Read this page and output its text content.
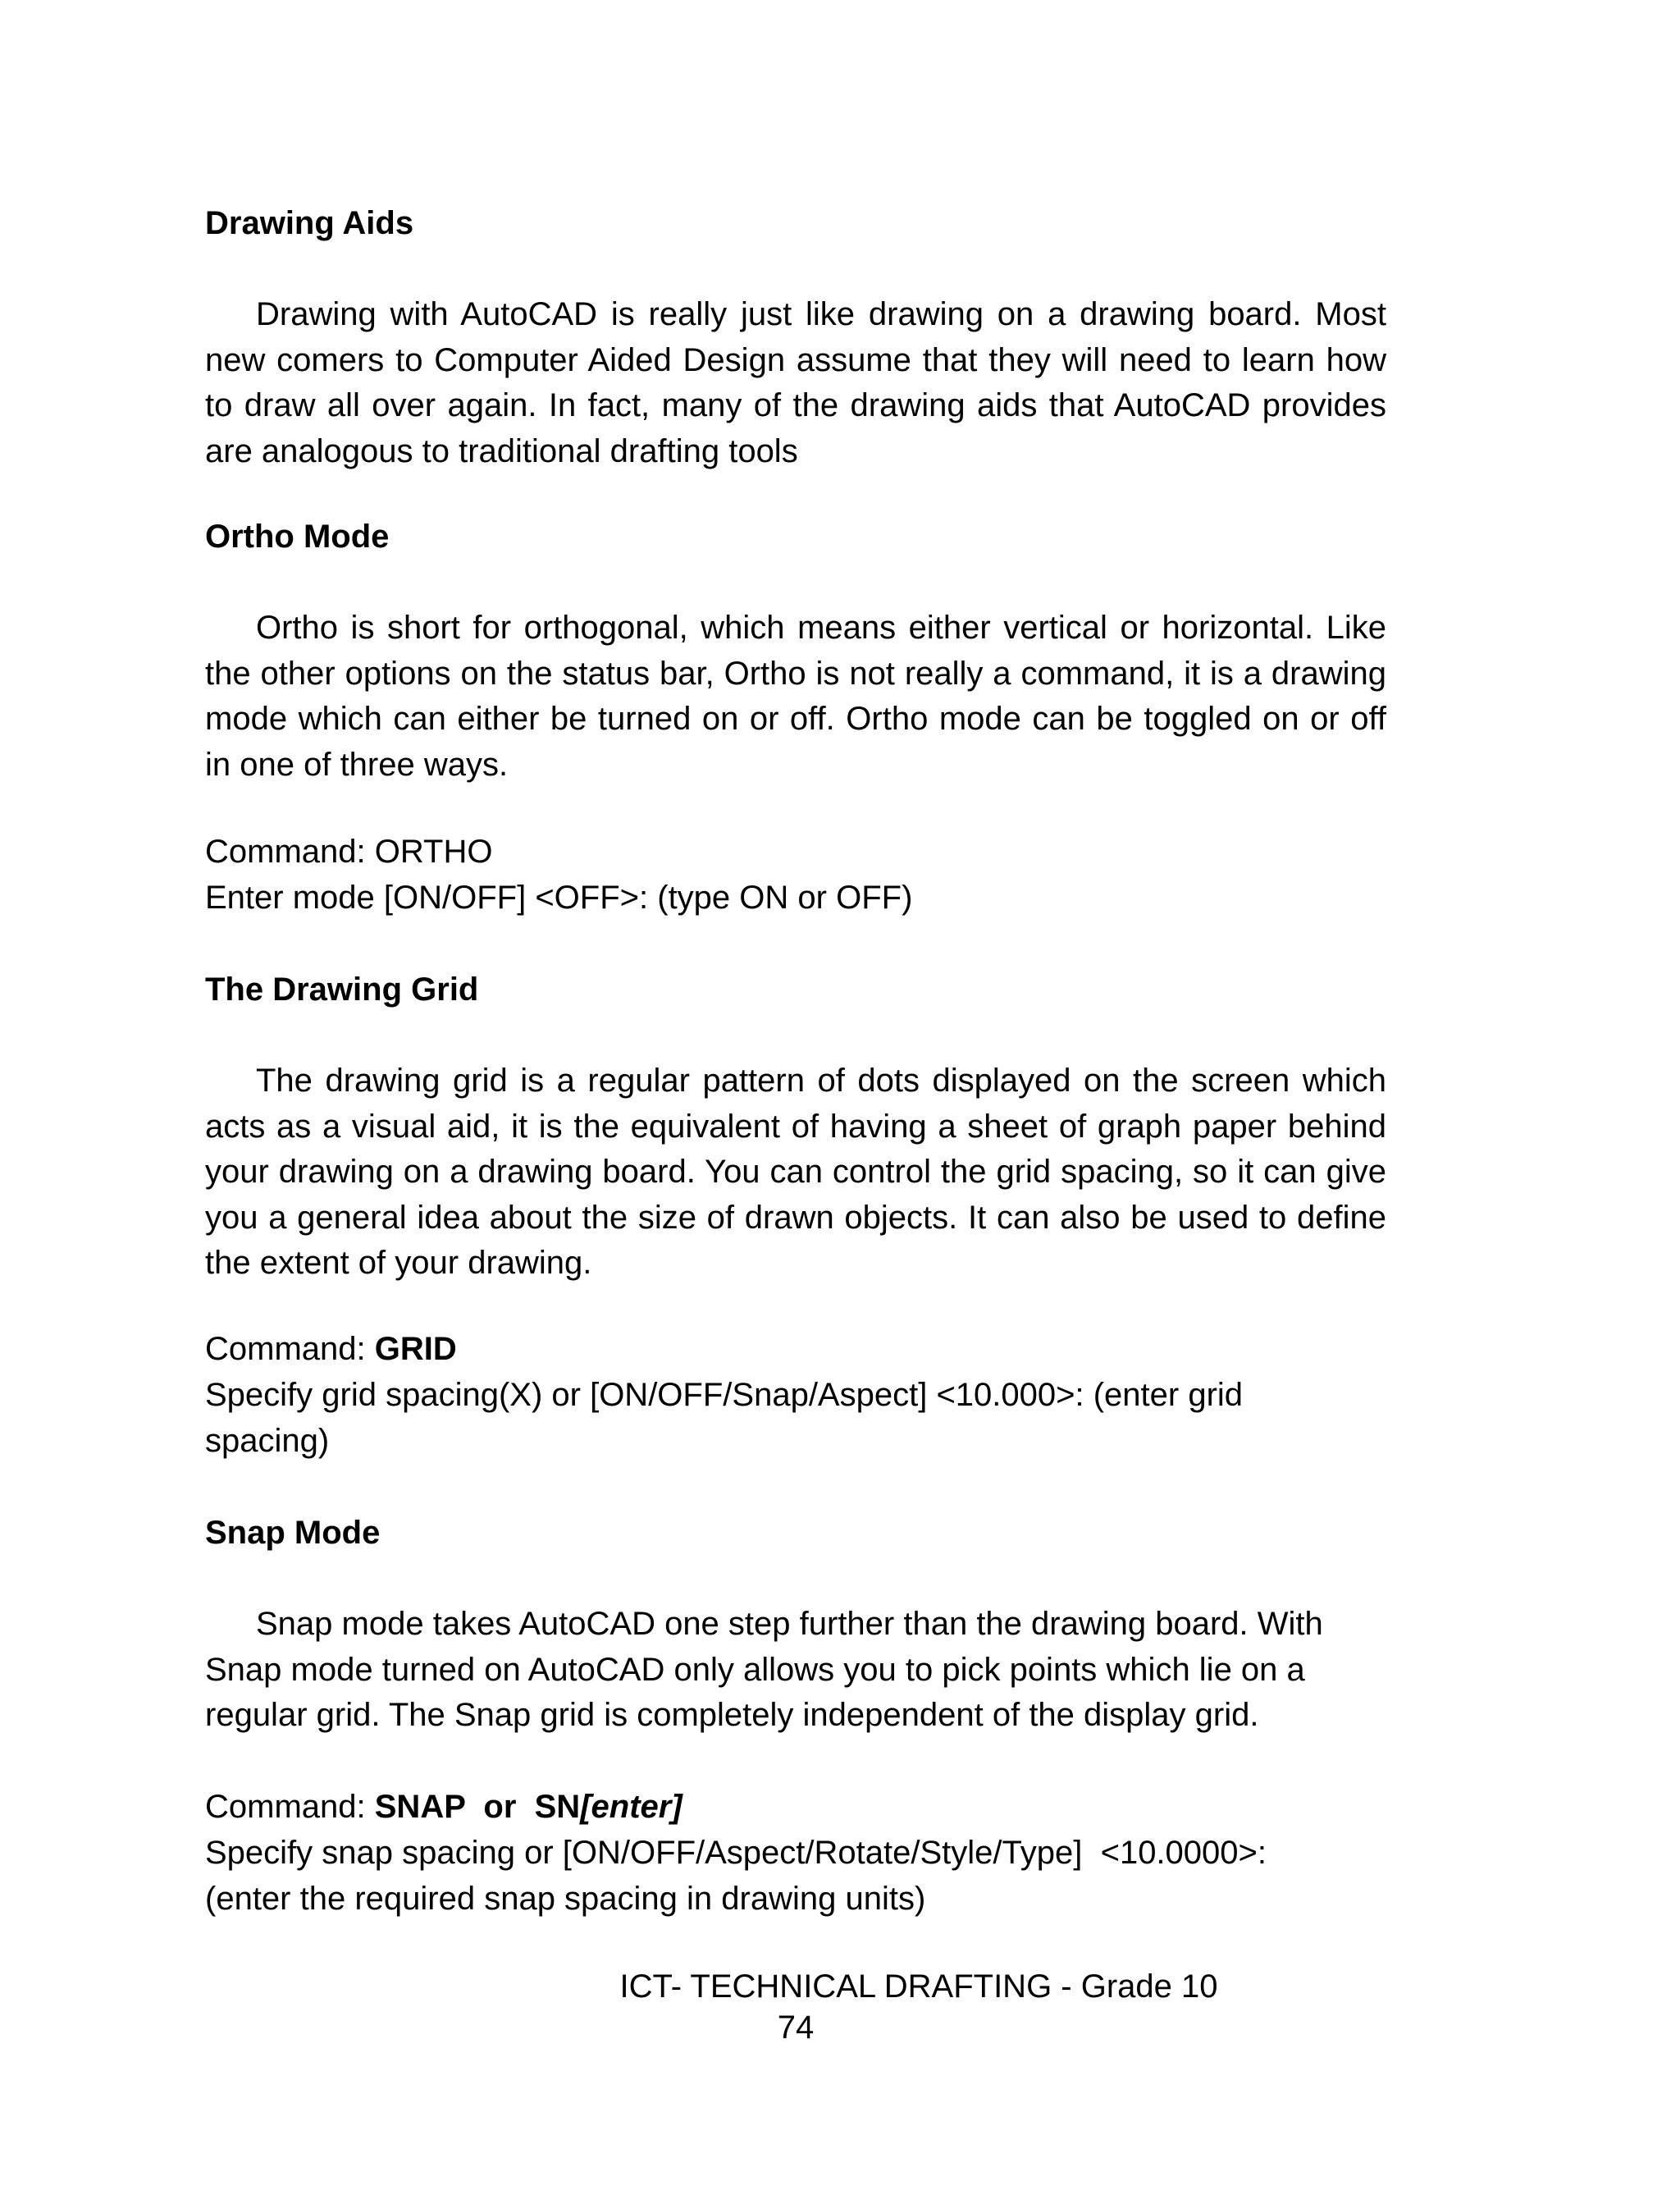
Drawing Aids

Drawing with AutoCAD is really just like drawing on a drawing board. Most new comers to Computer Aided Design assume that they will need to learn how to draw all over again. In fact, many of the drawing aids that AutoCAD provides are analogous to traditional drafting tools

Ortho Mode

Ortho is short for orthogonal, which means either vertical or horizontal. Like the other options on the status bar, Ortho is not really a command, it is a drawing mode which can either be turned on or off. Ortho mode can be toggled on or off in one of three ways.

Command: ORTHO

Enter mode [ON/OFF] <OFF>: (type ON or OFF)

The Drawing Grid

The drawing grid is a regular pattern of dots displayed on the screen which acts as a visual aid, it is the equivalent of having a sheet of graph paper behind your drawing on a drawing board. You can control the grid spacing, so it can give you a general idea about the size of drawn objects. It can also be used to define the extent of your drawing.

Command: GRID

Specify grid spacing(X) or [ON/OFF/Snap/Aspect] <10.000>: (enter grid

spacing)

Snap Mode

Snap mode takes AutoCAD one step further than the drawing board. With Snap mode turned on AutoCAD only allows you to pick points which lie on a regular grid. The Snap grid is completely independent of the display grid.

Command: SNAP  or  SN[enter]

Specify snap spacing or [ON/OFF/Aspect/Rotate/Style/Type]  <10.0000>:

(enter the required snap spacing in drawing units)

ICT- TECHNICAL DRAFTING - Grade 10
74
